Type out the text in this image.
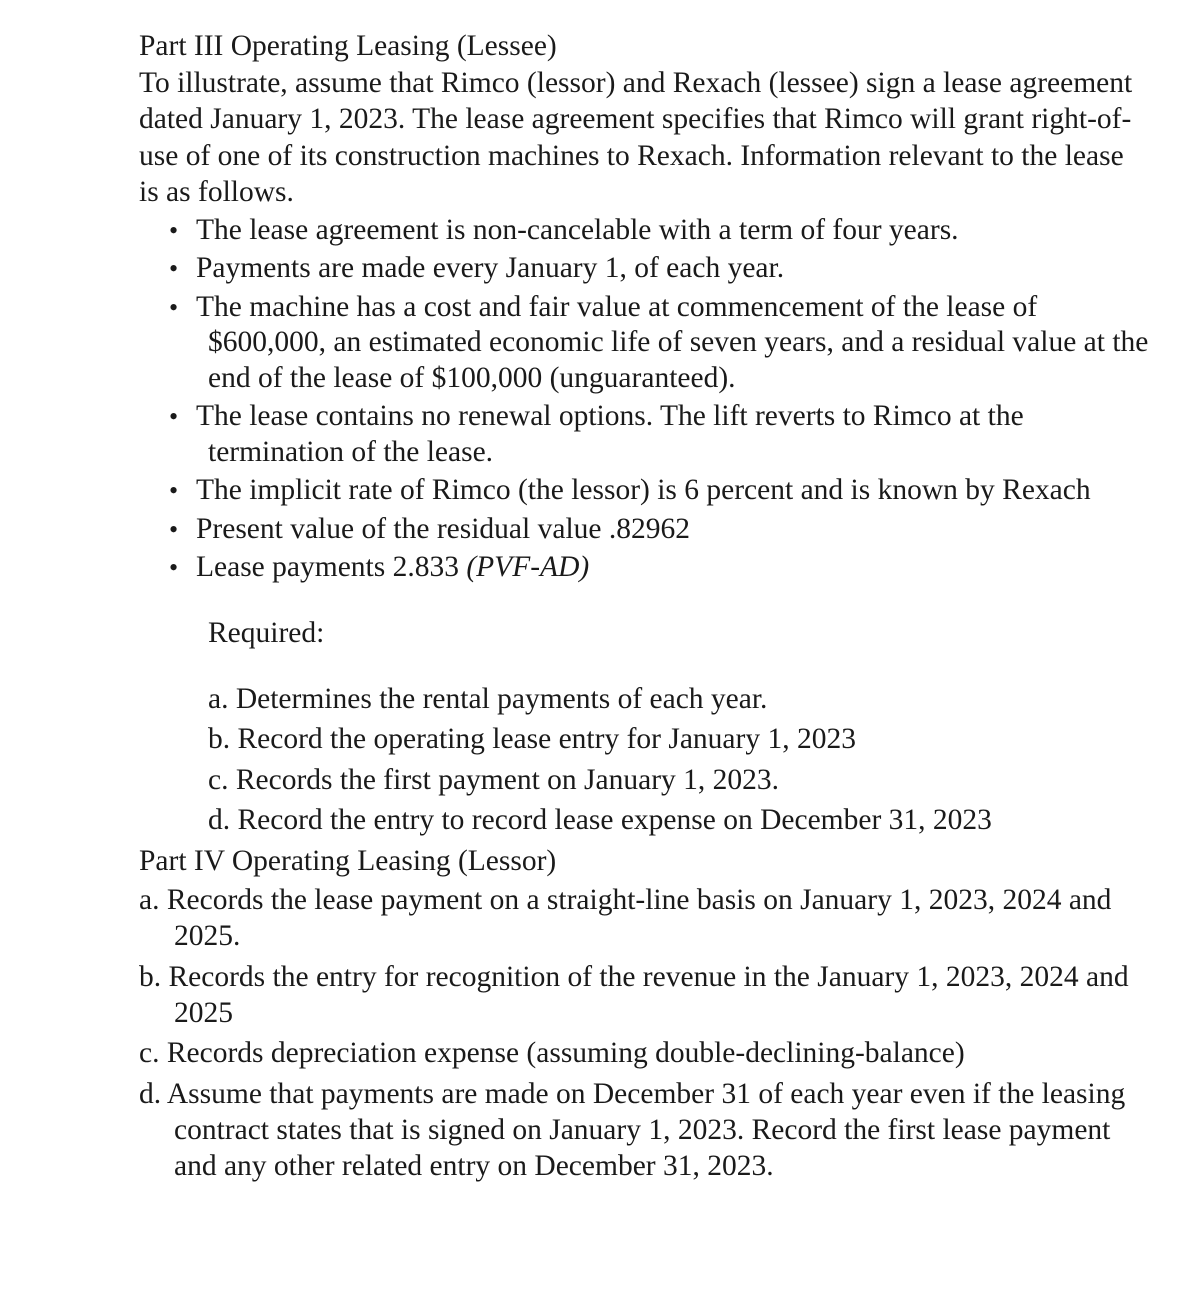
Part III Operating Leasing (Lessee)

To illustrate, assume that Rimco (lessor) and Rexach (lessee) sign a lease agreement dated January 1, 2023. The lease agreement specifies that Rimco will grant right-of-use of one of its construction machines to Rexach. Information relevant to the lease is as follows.

• The lease agreement is non-cancelable with a term of four years.
• Payments are made every January 1, of each year.
• The machine has a cost and fair value at commencement of the lease of $600,000, an estimated economic life of seven years, and a residual value at the end of the lease of $100,000 (unguaranteed).
• The lease contains no renewal options. The lift reverts to Rimco at the termination of the lease.
• The implicit rate of Rimco (the lessor) is 6 percent and is known by Rexach
• Present value of the residual value .82962
• Lease payments 2.833 (PVF-AD)

Required:

a. Determines the rental payments of each year.
b. Record the operating lease entry for January 1, 2023
c. Records the first payment on January 1, 2023.
d. Record the entry to record lease expense on December 31, 2023

Part IV Operating Leasing (Lessor)

a. Records the lease payment on a straight-line basis on January 1, 2023, 2024 and 2025.
b. Records the entry for recognition of the revenue in the January 1, 2023, 2024 and 2025
c. Records depreciation expense (assuming double-declining-balance)
d. Assume that payments are made on December 31 of each year even if the leasing contract states that is signed on January 1, 2023. Record the first lease payment and any other related entry on December 31, 2023.
